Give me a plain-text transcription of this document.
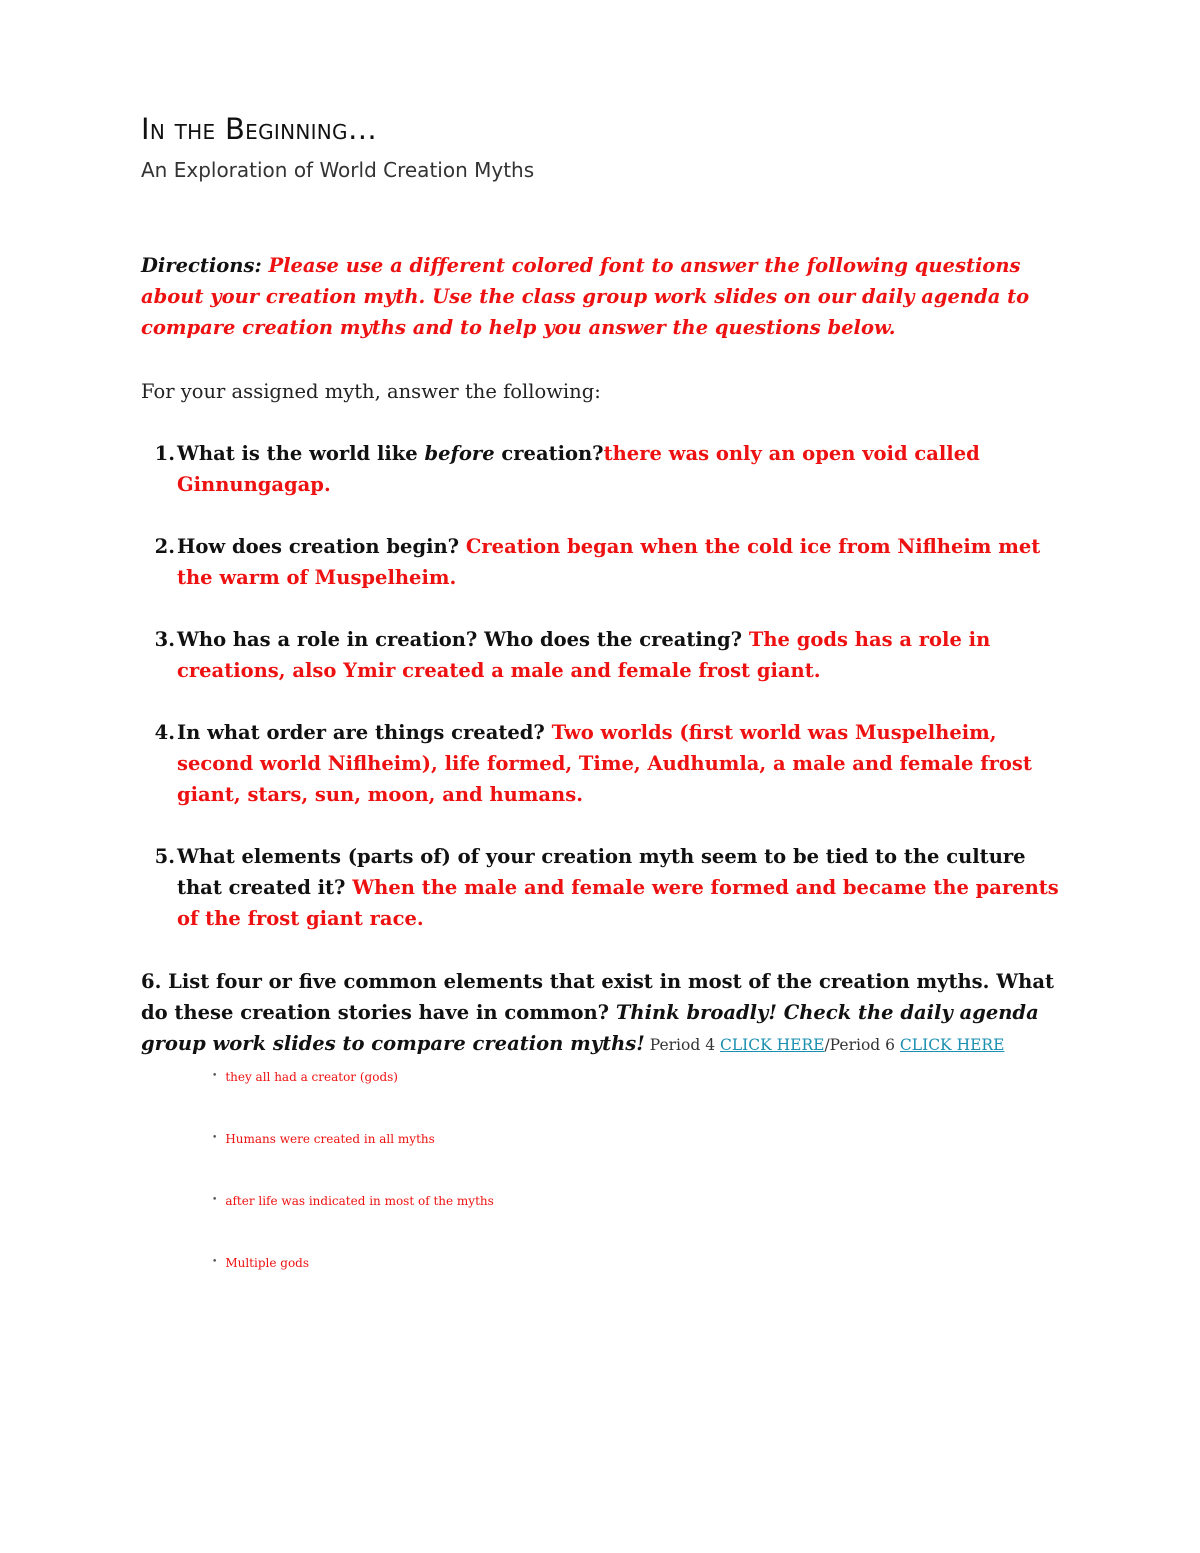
In the Beginning…
An Exploration of World Creation Myths

Directions: Please use a different colored font to answer the following questions about your creation myth. Use the class group work slides on our daily agenda to compare creation myths and to help you answer the questions below.

For your assigned myth, answer the following:

1. What is the world like before creation?there was only an open void called Ginnungagap.
2. How does creation begin? Creation began when the cold ice from Niflheim met the warm of Muspelheim.
3. Who has a role in creation? Who does the creating? The gods has a role in creations, also Ymir created a male and female frost giant.
4. In what order are things created? Two worlds (first world was Muspelheim, second world Niflheim), life formed, Time, Audhumla, a male and female frost giant, stars, sun, moon, and humans.
5. What elements (parts of) of your creation myth seem to be tied to the culture that created it? When the male and female were formed and became the parents of the frost giant race.

6. List four or five common elements that exist in most of the creation myths. What do these creation stories have in common? Think broadly! Check the daily agenda group work slides to compare creation myths! Period 4 CLICK HERE/Period 6 CLICK HERE

• they all had a creator (gods)
• Humans were created in all myths
• after life was indicated in most of the myths
• Multiple gods
